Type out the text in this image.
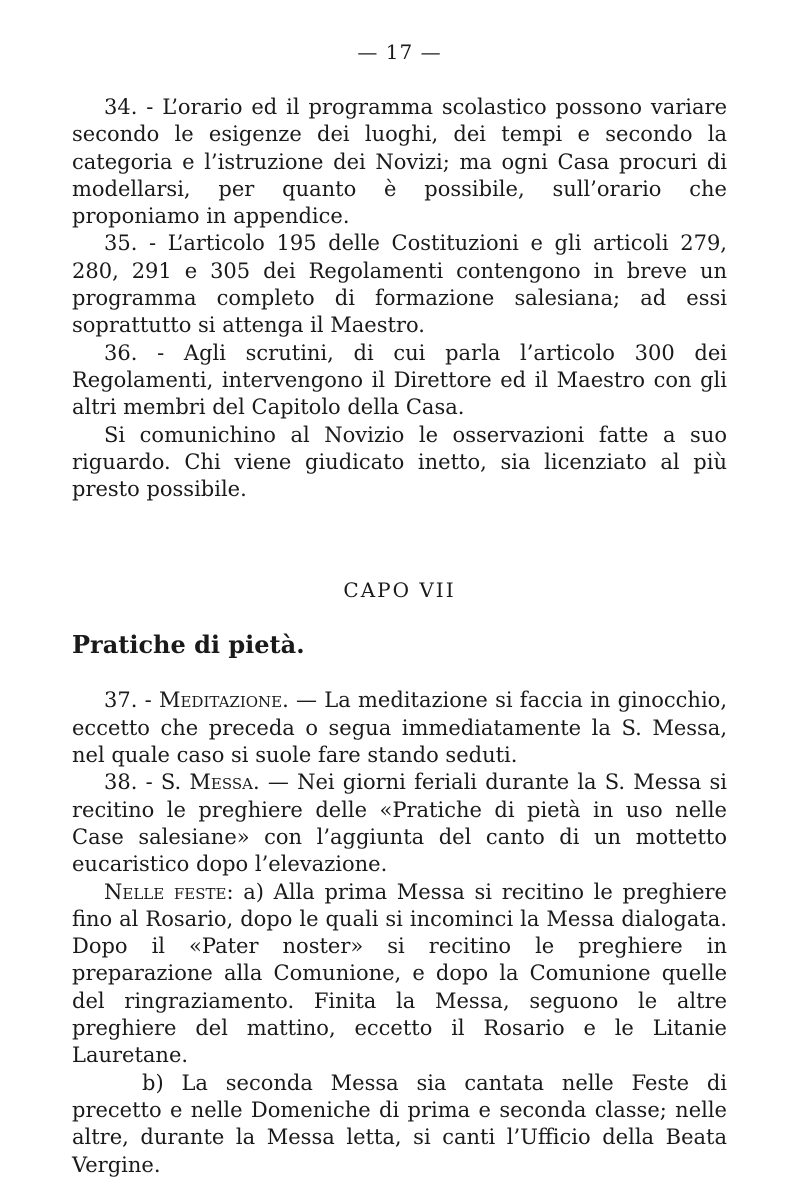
— 17 —

34. - L’orario ed il programma scolastico possono variare secondo le esigenze dei luoghi, dei tempi e secondo la categoria e l’istruzione dei Novizi; ma ogni Casa procuri di modellarsi, per quanto è possibile, sull’orario che proponiamo in appendice.

35. - L’articolo 195 delle Costituzioni e gli articoli 279, 280, 291 e 305 dei Regolamenti contengono in breve un programma completo di formazione salesiana; ad essi soprattutto si attenga il Maestro.

36. - Agli scrutini, di cui parla l’articolo 300 dei Regolamenti, intervengono il Direttore ed il Maestro con gli altri membri del Capitolo della Casa.

Si comunichino al Novizio le osservazioni fatte a suo riguardo. Chi viene giudicato inetto, sia licenziato al più presto possibile.

CAPO VII
Pratiche di pietà.

37. - Meditazione. — La meditazione si faccia in ginocchio, eccetto che preceda o segua immediatamente la S. Messa, nel quale caso si suole fare stando seduti.

38. - S. Messa. — Nei giorni feriali durante la S. Messa si recitino le preghiere delle «Pratiche di pietà in uso nelle Case salesiane» con l’aggiunta del canto di un mottetto eucaristico dopo l’elevazione.

Nelle feste: a) Alla prima Messa si recitino le preghiere fino al Rosario, dopo le quali si incominci la Messa dialogata. Dopo il «Pater noster» si recitino le preghiere in preparazione alla Comunione, e dopo la Comunione quelle del ringraziamento. Finita la Messa, seguono le altre preghiere del mattino, eccetto il Rosario e le Litanie Lauretane.

b) La seconda Messa sia cantata nelle Feste di precetto e nelle Domeniche di prima e seconda classe; nelle altre, durante la Messa letta, si canti l’Ufficio della Beata Vergine.
